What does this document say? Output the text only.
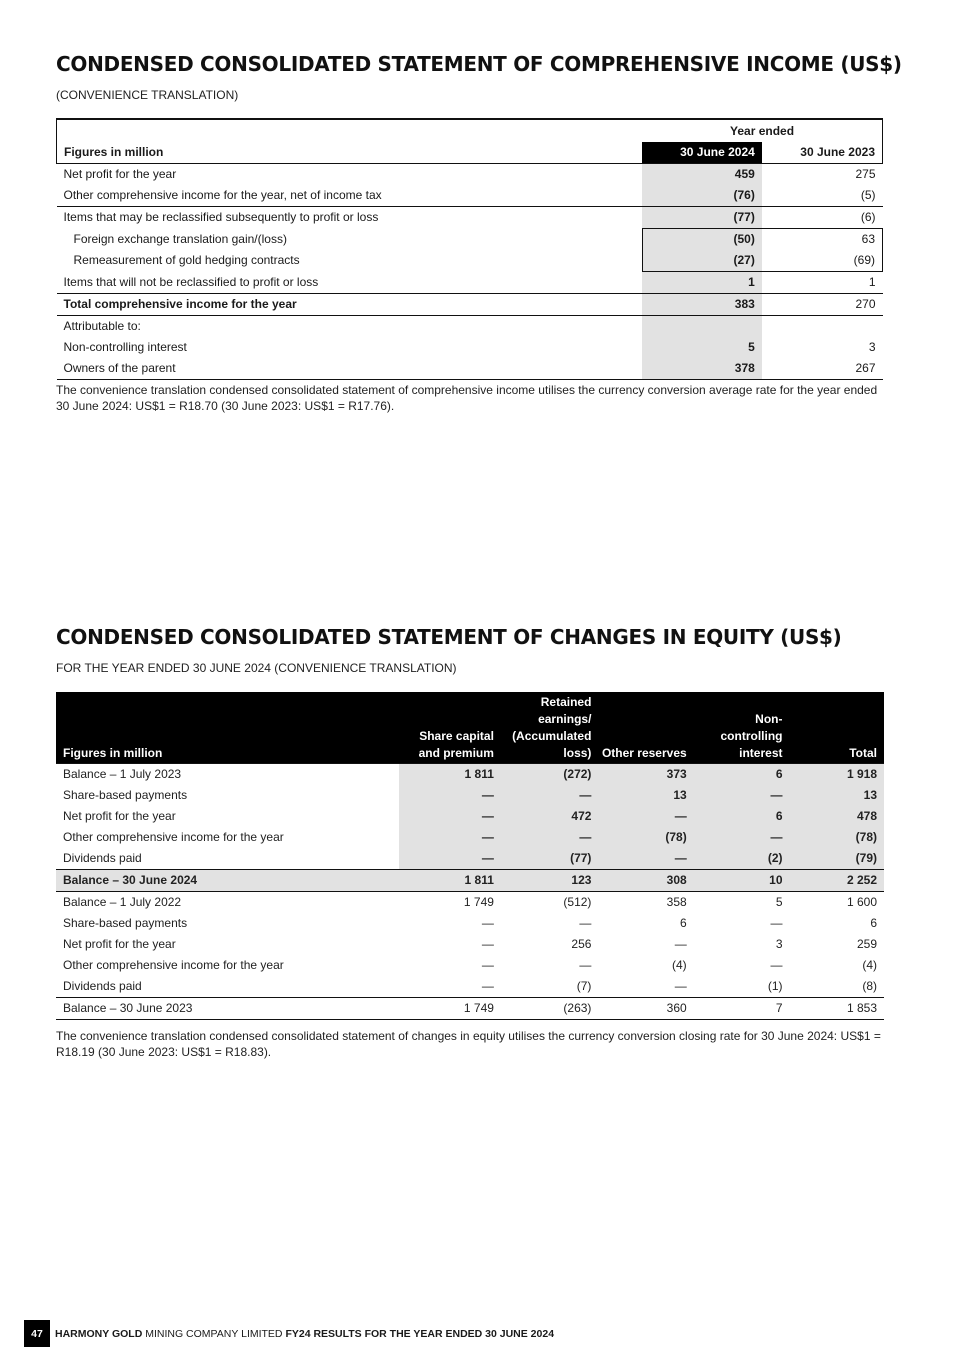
CONDENSED CONSOLIDATED STATEMENT OF COMPREHENSIVE INCOME (US$)
(CONVENIENCE TRANSLATION)
	Year ended	
Figures in million	30 June 2024	30 June 2023
Net profit for the year	459	275
Other comprehensive income for the year, net of income tax	(76)	(5)
Items that may be reclassified subsequently to profit or loss	(77)	(6)
Foreign exchange translation gain/(loss)	(50)	63
Remeasurement of gold hedging contracts	(27)	(69)
Items that will not be reclassified to profit or loss	1	1
Total comprehensive income for the year	383	270
Attributable to:		
Non-controlling interest	5	3
Owners of the parent	378	267
The convenience translation condensed consolidated statement of comprehensive income utilises the currency conversion average rate for the year ended 30 June 2024: US$1 = R18.70 (30 June 2023: US$1 = R17.76).
CONDENSED CONSOLIDATED STATEMENT OF CHANGES IN EQUITY (US$)
FOR THE YEAR ENDED 30 JUNE 2024 (CONVENIENCE TRANSLATION)
Figures in million	Share capital and premium	Retained earnings/ (Accumulated loss)	Other reserves	Non-controlling interest	Total
Balance – 1 July 2023	1 811	(272)	373	6	1 918
Share-based payments	—	—	13	—	13
Net profit for the year	—	472	—	6	478
Other comprehensive income for the year	—	—	(78)	—	(78)
Dividends paid	—	(77)	—	(2)	(79)
Balance – 30 June 2024	1 811	123	308	10	2 252
Balance – 1 July 2022	1 749	(512)	358	5	1 600
Share-based payments	—	—	6	—	6
Net profit for the year	—	256	—	3	259
Other comprehensive income for the year	—	—	(4)	—	(4)
Dividends paid	—	(7)	—	(1)	(8)
Balance – 30 June 2023	1 749	(263)	360	7	1 853
The convenience translation condensed consolidated statement of changes in equity utilises the currency conversion closing rate for 30 June 2024: US$1 = R18.19 (30 June 2023: US$1 = R18.83).
47	HARMONY GOLD MINING COMPANY LIMITED FY24 RESULTS FOR THE YEAR ENDED 30 JUNE 2024
